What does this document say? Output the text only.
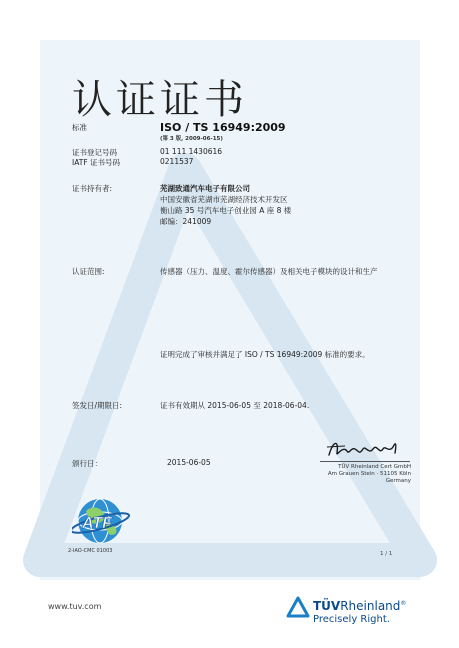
认证证书
标准	ISO / TS 16949:2009
(第 3 版, 2009-06-15)
证书登记号码	01 111 1430616
IATF 证书号码	0211537
证书持有者:	芜湖致通汽车电子有限公司
中国安徽省芜湖市芜湖经济技术开发区
衡山路 35 号汽车电子创业园 A 座 8 楼
邮编：241009
认证范围:	传感器（压力、温度、霍尔传感器）及相关电子模块的设计和生产
证明完成了审核并满足了 ISO / TS 16949:2009 标准的要求。
签发日/期限日:	证书有效期从 2015-06-05 至 2018-06-04.
颁行日：	2015-06-05	TÜV Rheinland Cert GmbH
Am Grauen Stein · 51105 Köln
Germany
ATF
2-IAO-CMC 01003	1 / 1
www.tuv.com	TÜVRheinland®
Precisely Right.
